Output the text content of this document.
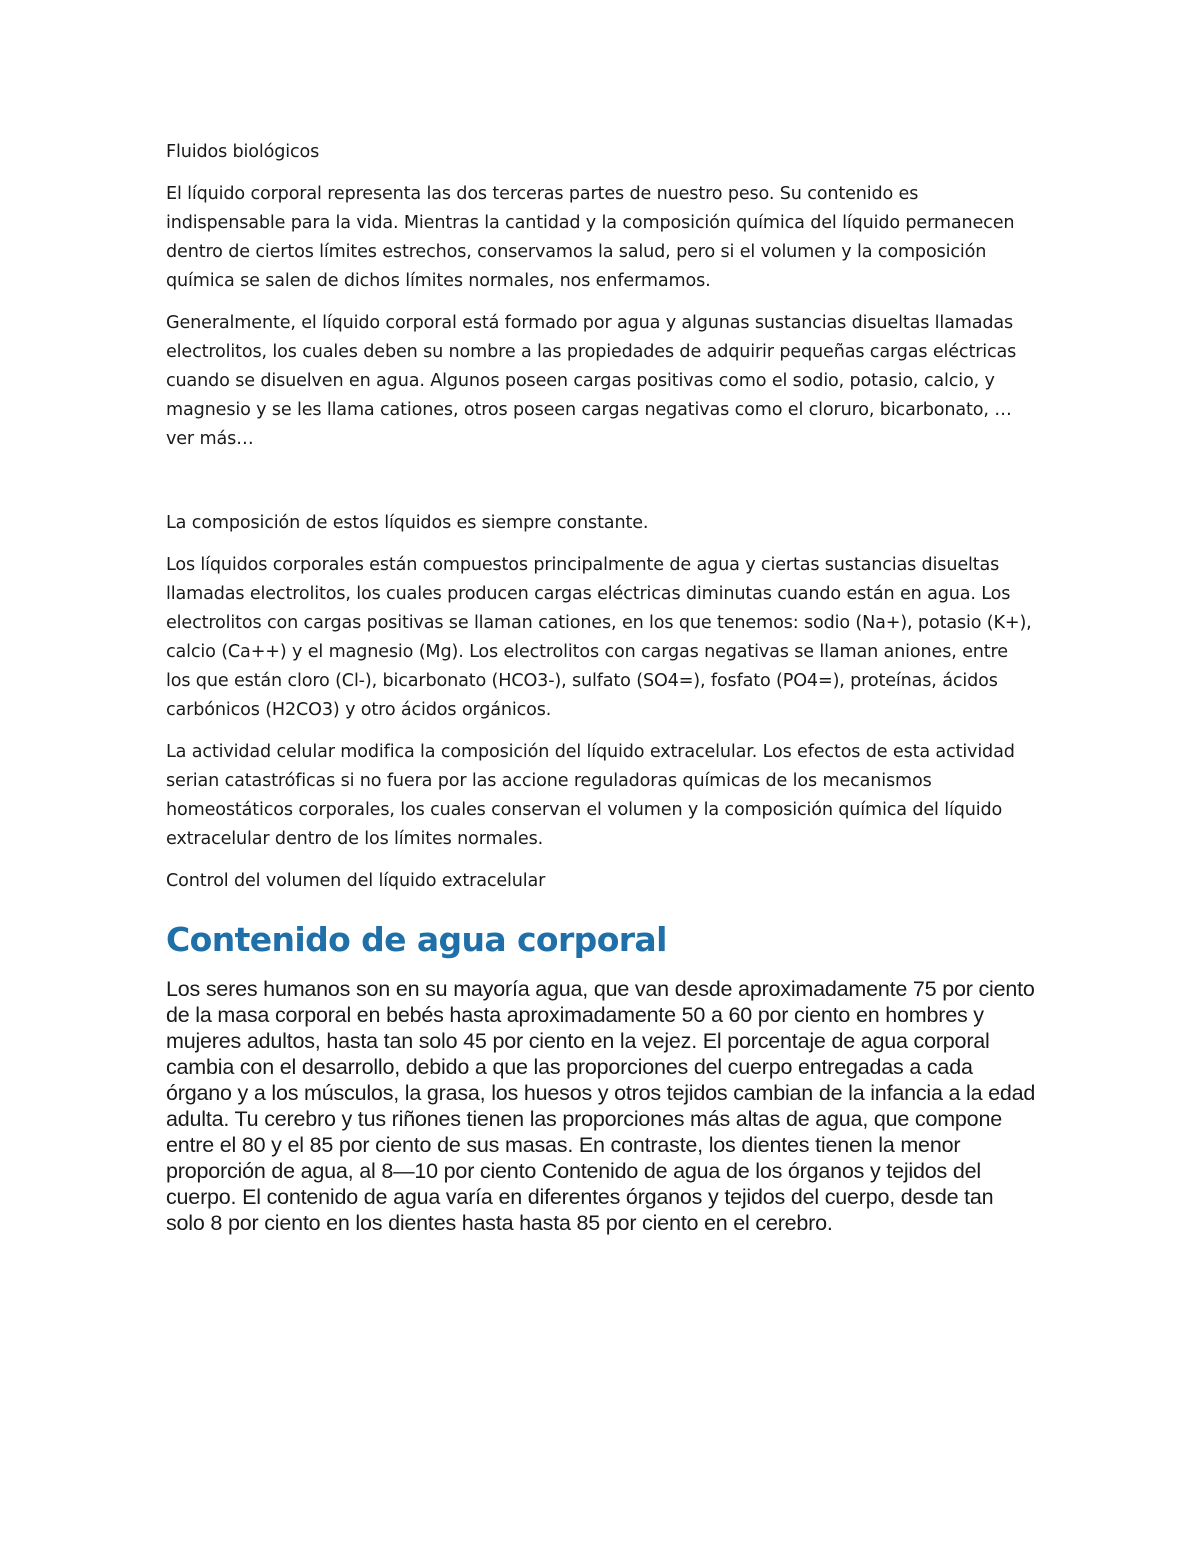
Fluidos biológicos

El líquido corporal representa las dos terceras partes de nuestro peso. Su contenido es indispensable para la vida. Mientras la cantidad y la composición química del líquido permanecen dentro de ciertos límites estrechos, conservamos la salud, pero si el volumen y la composición química se salen de dichos límites normales, nos enfermamos.

Generalmente, el líquido corporal está formado por agua y algunas sustancias disueltas llamadas electrolitos, los cuales deben su nombre a las propiedades de adquirir pequeñas cargas eléctricas cuando se disuelven en agua. Algunos poseen cargas positivas como el sodio, potasio, calcio, y magnesio y se les llama cationes, otros poseen cargas negativas como el cloruro, bicarbonato, …ver más…

La composición de estos líquidos es siempre constante.

Los líquidos corporales están compuestos principalmente de agua y ciertas sustancias disueltas llamadas electrolitos, los cuales producen cargas eléctricas diminutas cuando están en agua. Los electrolitos con cargas positivas se llaman cationes, en los que tenemos: sodio (Na+), potasio (K+), calcio (Ca++) y el magnesio (Mg). Los electrolitos con cargas negativas se llaman aniones, entre los que están cloro (Cl-), bicarbonato (HCO3-), sulfato (SO4=), fosfato (PO4=), proteínas, ácidos carbónicos (H2CO3) y otro ácidos orgánicos.

La actividad celular modifica la composición del líquido extracelular. Los efectos de esta actividad serian catastróficas si no fuera por las accione reguladoras químicas de los mecanismos homeostáticos corporales, los cuales conservan el volumen y la composición química del líquido extracelular dentro de los límites normales.

Control del volumen del líquido extracelular

Contenido de agua corporal

Los seres humanos son en su mayoría agua, que van desde aproximadamente 75 por ciento de la masa corporal en bebés hasta aproximadamente 50 a 60 por ciento en hombres y mujeres adultos, hasta tan solo 45 por ciento en la vejez. El porcentaje de agua corporal cambia con el desarrollo, debido a que las proporciones del cuerpo entregadas a cada órgano y a los músculos, la grasa, los huesos y otros tejidos cambian de la infancia a la edad adulta. Tu cerebro y tus riñones tienen las proporciones más altas de agua, que compone entre el 80 y el 85 por ciento de sus masas. En contraste, los dientes tienen la menor proporción de agua, al 8—10 por ciento Contenido de agua de los órganos y tejidos del cuerpo. El contenido de agua varía en diferentes órganos y tejidos del cuerpo, desde tan solo 8 por ciento en los dientes hasta hasta 85 por ciento en el cerebro.
